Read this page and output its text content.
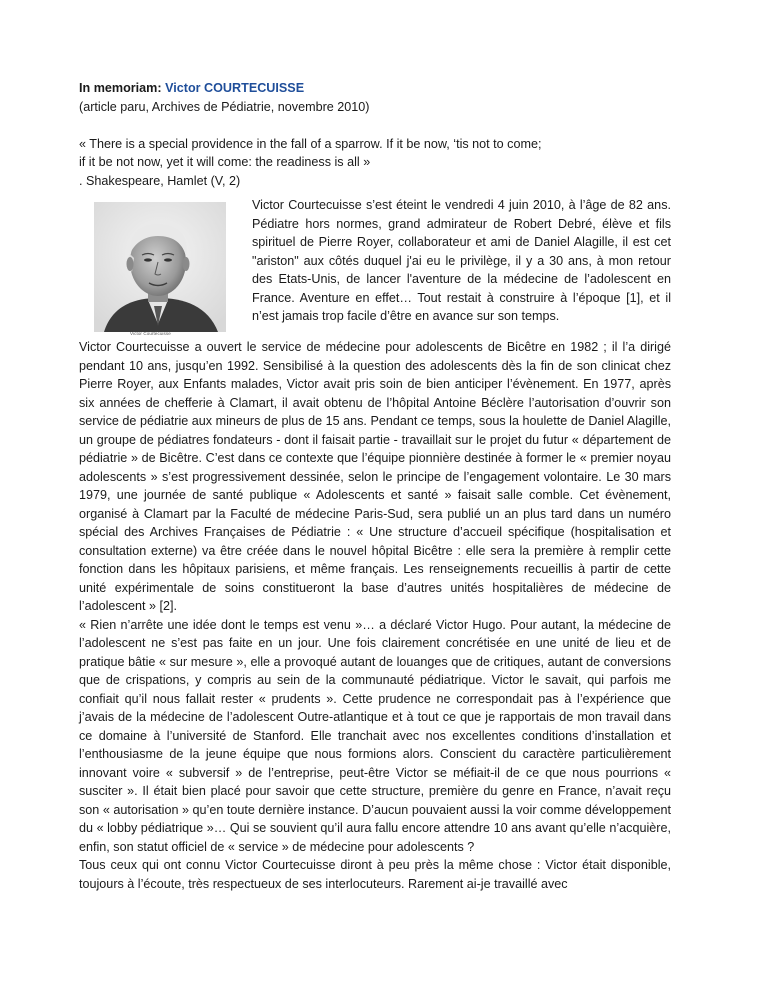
In memoriam: Victor COURTECUISSE

(article paru, Archives de Pédiatrie, novembre 2010)

« There is a special providence in the fall of a sparrow. If it be now, ‘tis not to come;

if it be not now, yet it will come: the readiness is all »

. Shakespeare, Hamlet (V, 2)

Victor Courtecuisse

Victor Courtecuisse s’est éteint le vendredi 4 juin 2010, à l’âge de 82 ans. Pédiatre hors normes, grand admirateur de Robert Debré, élève et fils spirituel de Pierre Royer, collaborateur et ami de Daniel Alagille, il est cet "ariston" aux côtés duquel j'ai eu le privilège, il y a 30 ans, à mon retour des Etats-Unis, de lancer l'aventure de la médecine de l’adolescent en France. Aventure en effet… Tout restait à construire à l’époque [1], et il n’est jamais trop facile d’être en avance sur son temps.

Victor Courtecuisse a ouvert le service de médecine pour adolescents de Bicêtre en 1982 ; il l’a dirigé pendant 10 ans, jusqu’en 1992. Sensibilisé à la question des adolescents dès la fin de son clinicat chez Pierre Royer, aux Enfants malades, Victor avait pris soin de bien anticiper l’évènement. En 1977, après six années de chefferie à Clamart, il avait obtenu de l’hôpital Antoine Béclère l’autorisation d’ouvrir son service de pédiatrie aux mineurs de plus de 15 ans. Pendant ce temps, sous la houlette de Daniel Alagille, un groupe de pédiatres fondateurs - dont il faisait partie - travaillait sur le projet du futur « département de pédiatrie » de Bicêtre. C’est dans ce contexte que l’équipe pionnière destinée à former le « premier noyau adolescents » s’est progressivement dessinée, selon le principe de l’engagement volontaire. Le 30 mars 1979, une journée de santé publique « Adolescents et santé » faisait salle comble. Cet évènement, organisé à Clamart par la Faculté de médecine Paris-Sud, sera publié un an plus tard dans un numéro spécial des Archives Françaises de Pédiatrie : « Une structure d’accueil spécifique (hospitalisation et consultation externe) va être créée dans le nouvel hôpital Bicêtre : elle sera la première à remplir cette fonction dans les hôpitaux parisiens, et même français. Les renseignements recueillis à partir de cette unité expérimentale de soins constitueront la base d’autres unités hospitalières de médecine de l’adolescent » [2].

« Rien n’arrête une idée dont le temps est venu »… a déclaré Victor Hugo. Pour autant, la médecine de l’adolescent ne s’est pas faite en un jour. Une fois clairement concrétisée en une unité de lieu et de pratique bâtie « sur mesure », elle a provoqué autant de louanges que de critiques, autant de conversions que de crispations, y compris au sein de la communauté pédiatrique. Victor le savait, qui parfois me confiait qu’il nous fallait rester « prudents ». Cette prudence ne correspondait pas à l’expérience que j’avais de la médecine de l’adolescent Outre-atlantique et à tout ce que je rapportais de mon travail dans ce domaine à l’université de Stanford. Elle tranchait avec nos excellentes conditions d’installation et l’enthousiasme de la jeune équipe que nous formions alors. Conscient du caractère particulièrement innovant voire « subversif » de l’entreprise, peut-être Victor se méfiait-il de ce que nous pourrions « susciter ». Il était bien placé pour savoir que cette structure, première du genre en France, n’avait reçu son « autorisation » qu’en toute dernière instance. D’aucun pouvaient aussi la voir comme développement du « lobby pédiatrique »… Qui se souvient qu’il aura fallu encore attendre 10 ans avant qu’elle n’acquière, enfin, son statut officiel de « service » de médecine pour adolescents ?

Tous ceux qui ont connu Victor Courtecuisse diront à peu près la même chose : Victor était disponible, toujours à l’écoute, très respectueux de ses interlocuteurs. Rarement ai-je travaillé avec
